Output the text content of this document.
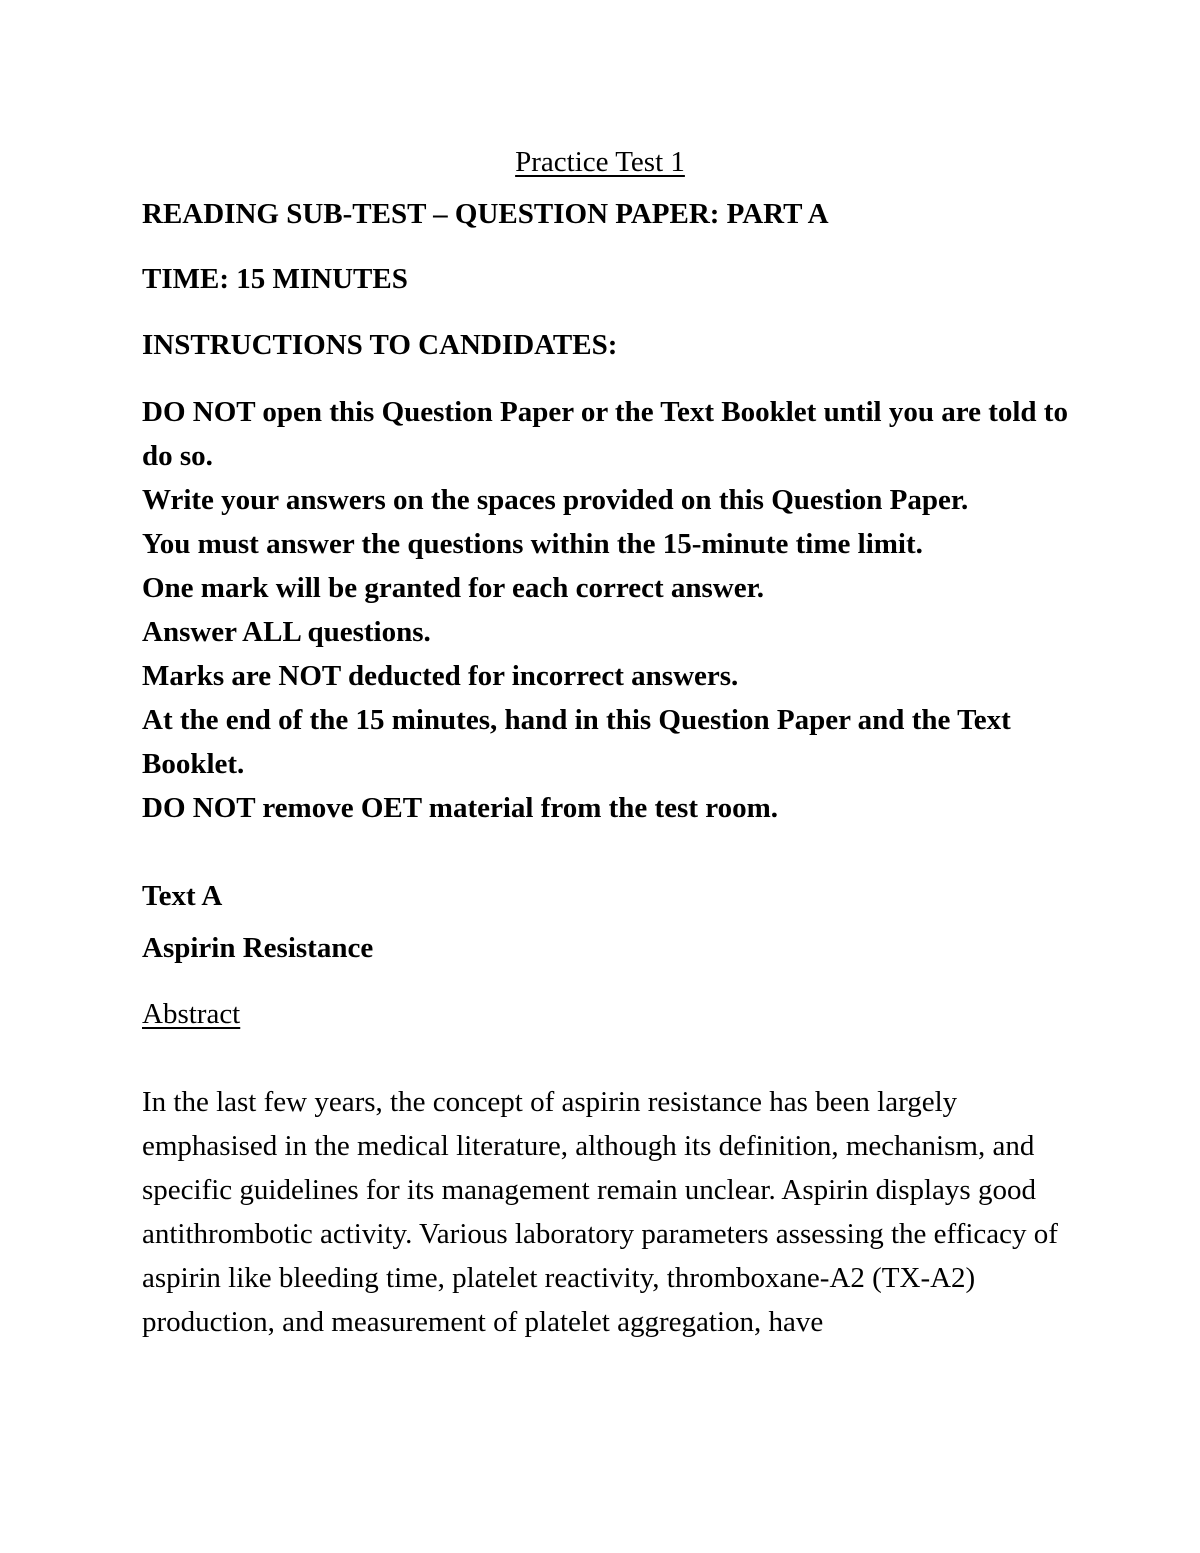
Practice Test 1
READING SUB-TEST – QUESTION PAPER: PART A
TIME: 15 MINUTES
INSTRUCTIONS TO CANDIDATES:
DO NOT open this Question Paper or the Text Booklet until you are told to do so.
Write your answers on the spaces provided on this Question Paper.
You must answer the questions within the 15-minute time limit.
One mark will be granted for each correct answer.
Answer ALL questions.
Marks are NOT deducted for incorrect answers.
At the end of the 15 minutes, hand in this Question Paper and the Text Booklet.
DO NOT remove OET material from the test room.
Text A
Aspirin Resistance
Abstract

In the last few years, the concept of aspirin resistance has been largely emphasised in the medical literature, although its definition, mechanism, and specific guidelines for its management remain unclear. Aspirin displays good antithrombotic activity. Various laboratory parameters assessing the efficacy of aspirin like bleeding time, platelet reactivity, thromboxane-A2 (TX-A2) production, and measurement of platelet aggregation, have
